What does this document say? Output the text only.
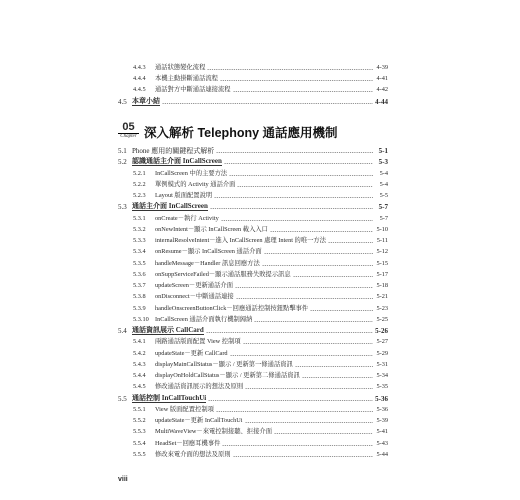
4.4.3	通話狀態變化流程	4-39
4.4.4	本機主動掛斷通話流程	4-41
4.4.5	通話對方中斷通話連接流程	4-42
4.5 本章小結	4-44
05
Chapter 深入解析 Telephony 通話應用機制
5.1 Phone 應用的關鍵程式解析	5-1
5.2 認識通話主介面 InCallScreen	5-3
5.2.1	InCallScreen 中的主要方法	5-4
5.2.2	單例模式的 Activity 通話介面	5-4
5.2.3	Layout 版面配置說明	5-5
5.3 通話主介面 InCallScreen	5-7
5.3.1	onCreate－執行 Activity	5-7
5.3.2	onNewIntent－顯示 InCallScreen 載入入口	5-10
5.3.3	internalResolveIntent－進入 InCallScreen 處理 Intent 的唯一方法	5-11
5.3.4	onResume－顯示 InCallScreen 通話介面	5-12
5.3.5	handleMessage－Handler 訊息回應方法	5-15
5.3.6	onSuppServiceFailed－顯示通話服務失敗提示訊息	5-17
5.3.7	updateScreen－更新通話介面	5-18
5.3.8	onDisconnect－中斷通話連接	5-21
5.3.9	handleOnscreenButtonClick－回應通話控制按鈕點擊事件	5-23
5.3.10 InCallScreen 通話介面執行機制歸納	5-25
5.4 通話資訊展示 CallCard	5-26
5.4.1	兩路通話版面配置 View 控制項	5-27
5.4.2	updateState－更新 CallCard	5-29
5.4.3	displayMainCallStatus－顯示 / 更新第一條通話資訊	5-31
5.4.4	displayOnHoldCallStatus－顯示 / 更新第二條通話資訊	5-34
5.4.5	修改通話資訊展示的想法及原則	5-35
5.5 通話控制 InCallTouchUi	5-36
5.5.1	View 版面配置控制項	5-36
5.5.2	updateState－更新 InCallTouchUi	5-39
5.5.3	MultiWaveView－來電控制接聽、拒接介面	5-41
5.5.4	HeadSet－回應耳機事件	5-43
5.5.5	修改來電介面的想法及原則	5-44
viii
